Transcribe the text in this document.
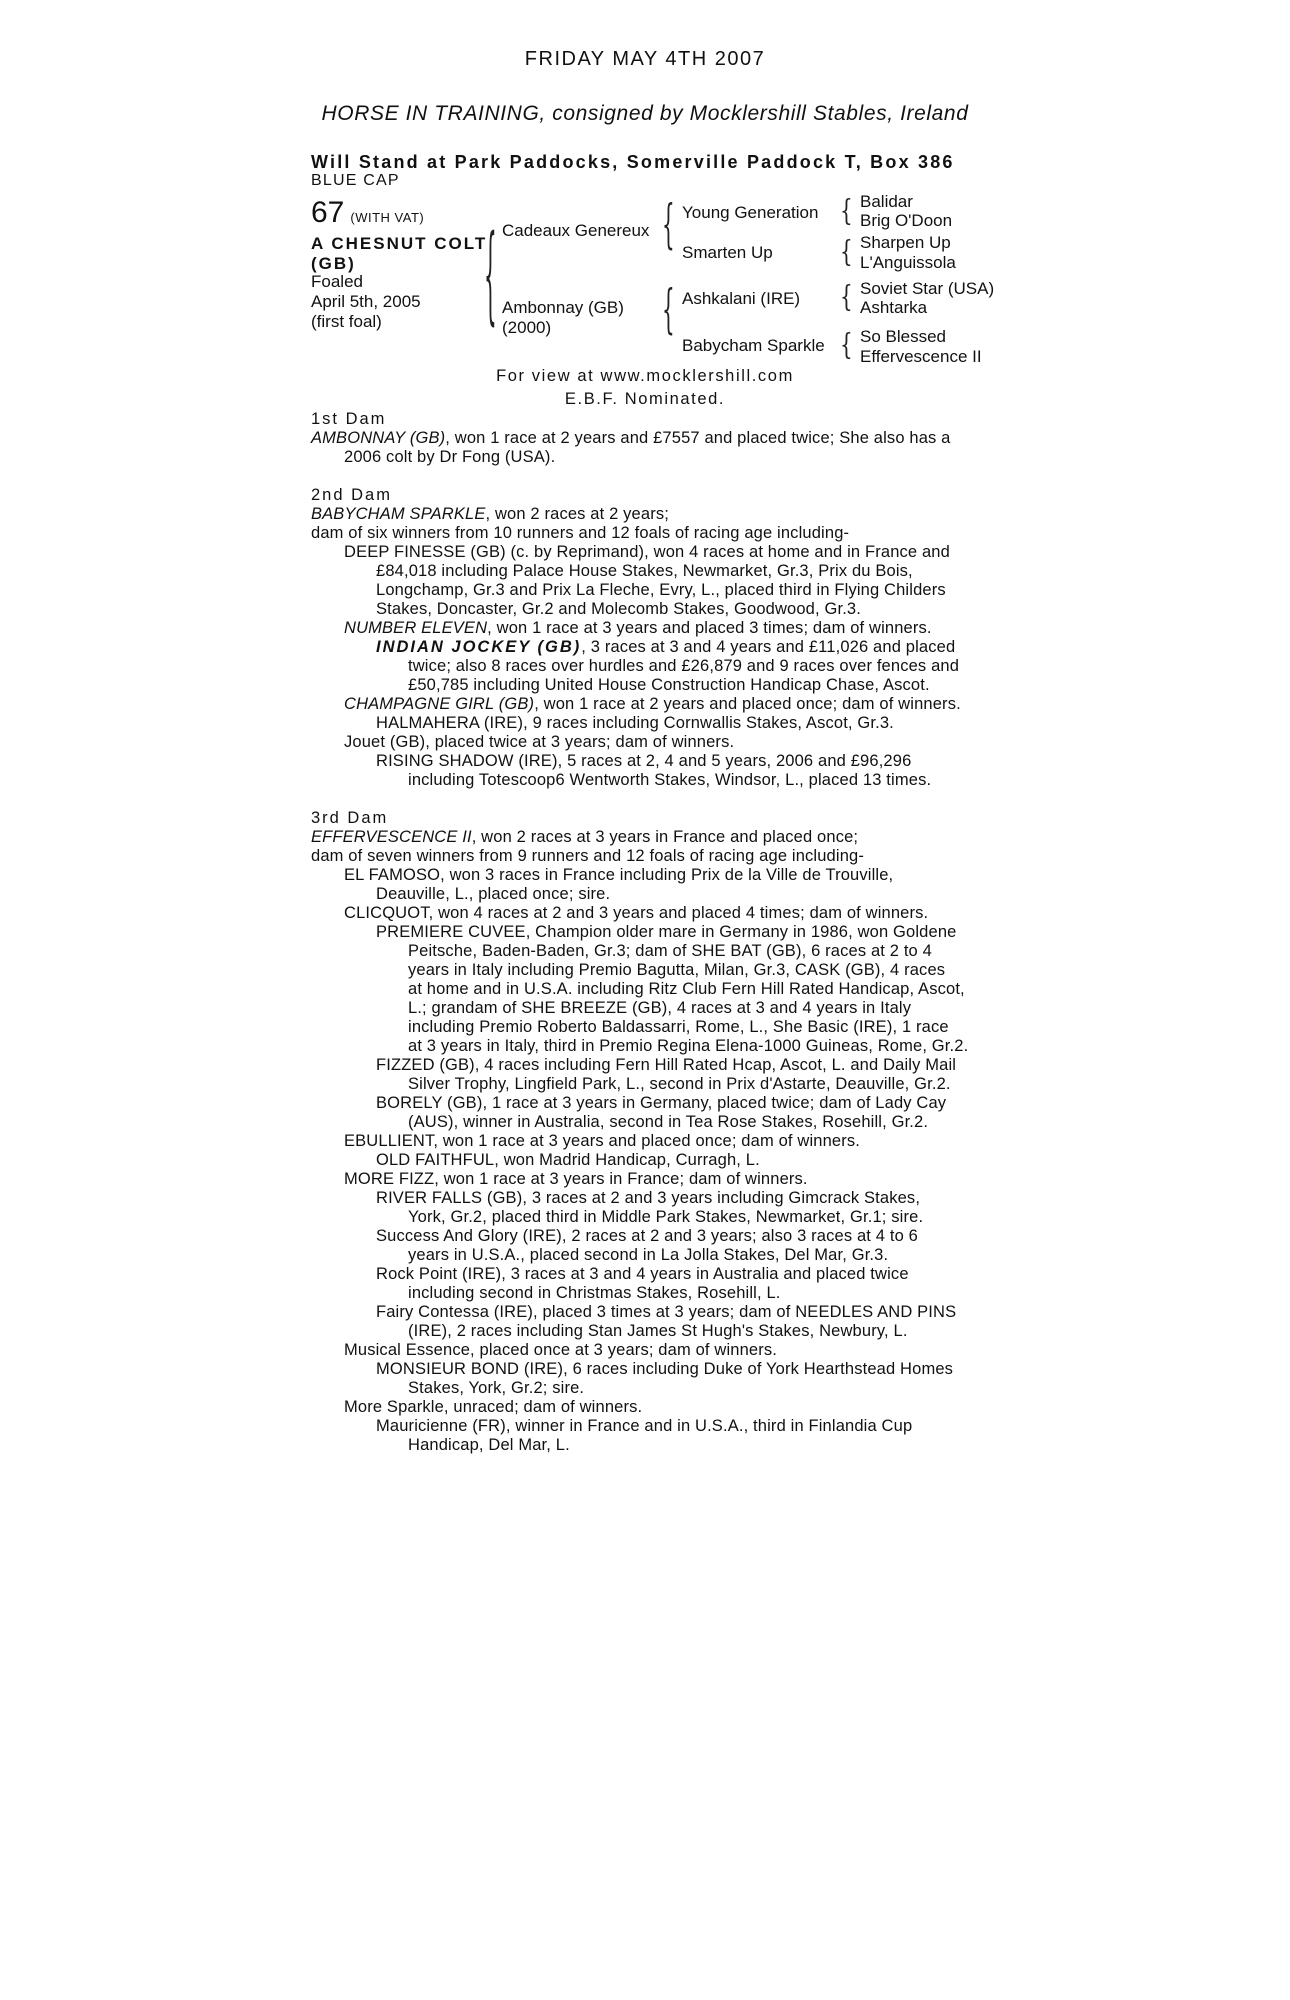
FRIDAY MAY 4TH 2007
HORSE IN TRAINING, consigned by Mocklershill Stables, Ireland
Will Stand at Park Paddocks, Somerville Paddock T, Box 386
BLUE CAP
67 (WITH VAT)
A CHESNUT COLT
(GB)
Foaled
April 5th, 2005
(first foal)	{	{
{
{
{
{
{
Cadeaux Genereux
Ambonnay (GB)
(2000)
Young Generation
Smarten Up
Ashkalani (IRE)
Babycham Sparkle
Balidar
Brig O'Doon
Sharpen Up
L'Anguissola
Soviet Star (USA)
Ashtarka
So Blessed
Effervescence II
For view at www.mocklershill.com
E.B.F. Nominated.

1st Dam

AMBONNAY (GB), won 1 race at 2 years and £7557 and placed twice; She also has a

2006 colt by Dr Fong (USA).

2nd Dam

BABYCHAM SPARKLE, won 2 races at 2 years;

dam of six winners from 10 runners and 12 foals of racing age including-

DEEP FINESSE (GB) (c. by Reprimand), won 4 races at home and in France and

£84,018 including Palace House Stakes, Newmarket, Gr.3, Prix du Bois,

Longchamp, Gr.3 and Prix La Fleche, Evry, L., placed third in Flying Childers

Stakes, Doncaster, Gr.2 and Molecomb Stakes, Goodwood, Gr.3.

NUMBER ELEVEN, won 1 race at 3 years and placed 3 times; dam of winners.

INDIAN JOCKEY (GB), 3 races at 3 and 4 years and £11,026 and placed

twice; also 8 races over hurdles and £26,879 and 9 races over fences and

£50,785 including United House Construction Handicap Chase, Ascot.

CHAMPAGNE GIRL (GB), won 1 race at 2 years and placed once; dam of winners.

HALMAHERA (IRE), 9 races including Cornwallis Stakes, Ascot, Gr.3.

Jouet (GB), placed twice at 3 years; dam of winners.

RISING SHADOW (IRE), 5 races at 2, 4 and 5 years, 2006 and £96,296

including Totescoop6 Wentworth Stakes, Windsor, L., placed 13 times.

3rd Dam

EFFERVESCENCE II, won 2 races at 3 years in France and placed once;

dam of seven winners from 9 runners and 12 foals of racing age including-

EL FAMOSO, won 3 races in France including Prix de la Ville de Trouville,

Deauville, L., placed once; sire.

CLICQUOT, won 4 races at 2 and 3 years and placed 4 times; dam of winners.

PREMIERE CUVEE, Champion older mare in Germany in 1986, won Goldene

Peitsche, Baden-Baden, Gr.3; dam of SHE BAT (GB), 6 races at 2 to 4

years in Italy including Premio Bagutta, Milan, Gr.3, CASK (GB), 4 races

at home and in U.S.A. including Ritz Club Fern Hill Rated Handicap, Ascot,

L.; grandam of SHE BREEZE (GB), 4 races at 3 and 4 years in Italy

including Premio Roberto Baldassarri, Rome, L., She Basic (IRE), 1 race

at 3 years in Italy, third in Premio Regina Elena-1000 Guineas, Rome, Gr.2.

FIZZED (GB), 4 races including Fern Hill Rated Hcap, Ascot, L. and Daily Mail

Silver Trophy, Lingfield Park, L., second in Prix d'Astarte, Deauville, Gr.2.

BORELY (GB), 1 race at 3 years in Germany, placed twice; dam of Lady Cay

(AUS), winner in Australia, second in Tea Rose Stakes, Rosehill, Gr.2.

EBULLIENT, won 1 race at 3 years and placed once; dam of winners.

OLD FAITHFUL, won Madrid Handicap, Curragh, L.

MORE FIZZ, won 1 race at 3 years in France; dam of winners.

RIVER FALLS (GB), 3 races at 2 and 3 years including Gimcrack Stakes,

York, Gr.2, placed third in Middle Park Stakes, Newmarket, Gr.1; sire.

Success And Glory (IRE), 2 races at 2 and 3 years; also 3 races at 4 to 6

years in U.S.A., placed second in La Jolla Stakes, Del Mar, Gr.3.

Rock Point (IRE), 3 races at 3 and 4 years in Australia and placed twice

including second in Christmas Stakes, Rosehill, L.

Fairy Contessa (IRE), placed 3 times at 3 years; dam of NEEDLES AND PINS

(IRE), 2 races including Stan James St Hugh's Stakes, Newbury, L.

Musical Essence, placed once at 3 years; dam of winners.

MONSIEUR BOND (IRE), 6 races including Duke of York Hearthstead Homes

Stakes, York, Gr.2; sire.

More Sparkle, unraced; dam of winners.

Mauricienne (FR), winner in France and in U.S.A., third in Finlandia Cup

Handicap, Del Mar, L.
